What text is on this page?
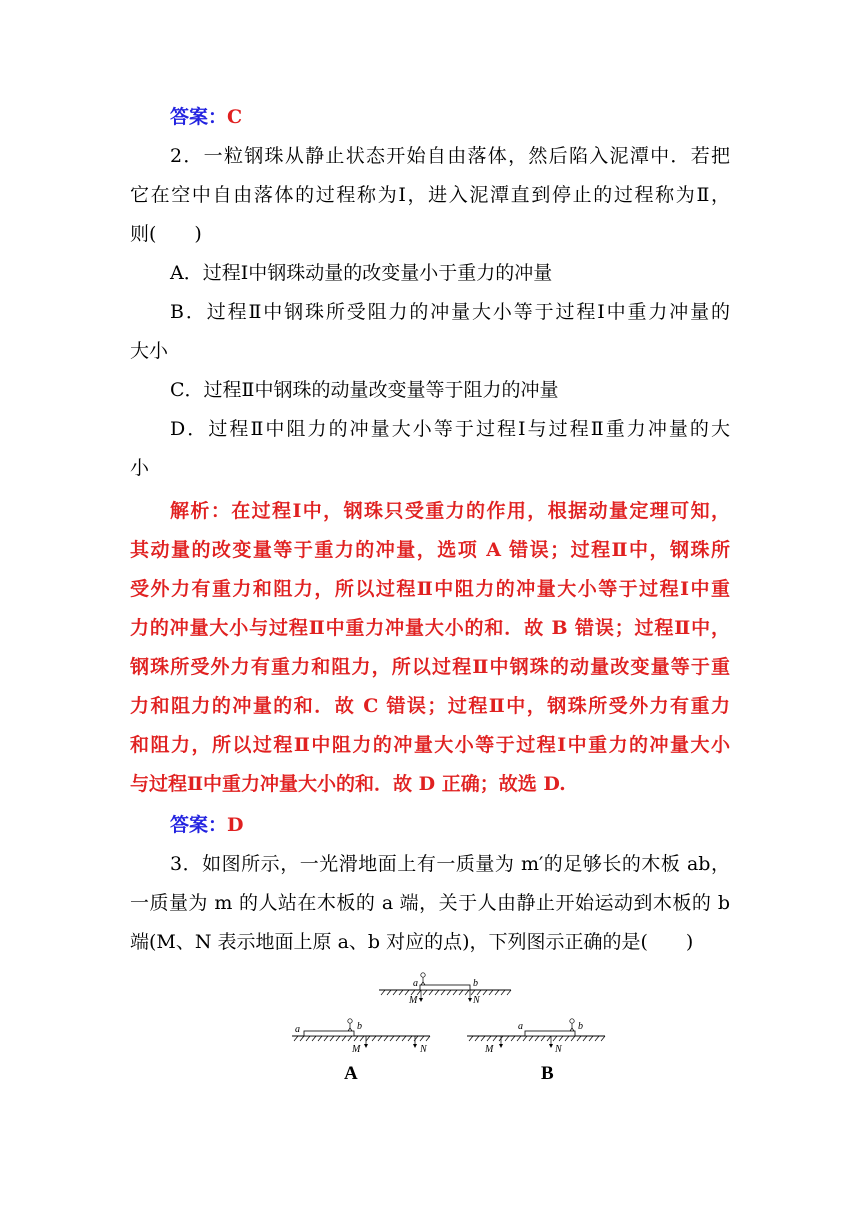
答案：C
2．一粒钢珠从静止状态开始自由落体，然后陷入泥潭中．若把
它在空中自由落体的过程称为Ⅰ，进入泥潭直到停止的过程称为Ⅱ，
则(　　)
A．过程Ⅰ中钢珠动量的改变量小于重力的冲量
B．过程Ⅱ中钢珠所受阻力的冲量大小等于过程Ⅰ中重力冲量的
大小
C．过程Ⅱ中钢珠的动量改变量等于阻力的冲量
D．过程Ⅱ中阻力的冲量大小等于过程Ⅰ与过程Ⅱ重力冲量的大
小
解析：在过程Ⅰ中，钢珠只受重力的作用，根据动量定理可知，
其动量的改变量等于重力的冲量，选项 A 错误；过程Ⅱ中，钢珠所
受外力有重力和阻力，所以过程Ⅱ中阻力的冲量大小等于过程Ⅰ中重
力的冲量大小与过程Ⅱ中重力冲量大小的和．故 B 错误；过程Ⅱ中，
钢珠所受外力有重力和阻力，所以过程Ⅱ中钢珠的动量改变量等于重
力和阻力的冲量的和．故 C 错误；过程Ⅱ中，钢珠所受外力有重力
和阻力，所以过程Ⅱ中阻力的冲量大小等于过程Ⅰ中重力的冲量大小
与过程Ⅱ中重力冲量大小的和．故 D 正确；故选 D.
答案：D
3．如图所示，一光滑地面上有一质量为 m′的足够长的木板 ab，
一质量为 m 的人站在木板的 a 端，关于人由静止开始运动到木板的 b
端(M、N 表示地面上原 a、b 对应的点)，下列图示正确的是(　　)
a	b
M	N
a	b
M	N
a	b
M	N
A	B
